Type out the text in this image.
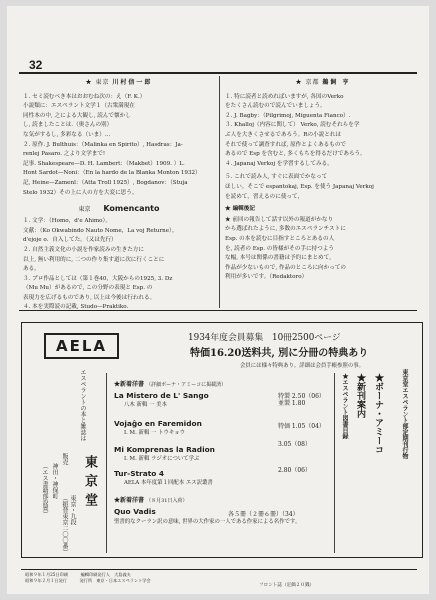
32
★ 東京 川村信一郎
１. セミ読むべき本はおおむね次の：え（F. K.）
小説類に：エスペラント文学１（古衆満現在
同性本の中, 之による大観し, 読んで懐かし
し, 読ましたことは.（奥さんの別）
な気がするし, 多彩なる（いま）…
２. 原作. J. Bulthuis：（Malinka en Spirito）, Hasdras：Ja-
renlej Pasaro. 之より文学まで!
記事. Shakespeare—D. H. Lambert：（Makbet）1909. ）L.
Hont Sardot—Noni：（En la hardo de la Blanka Monton 1932）
記, Heine—Zamenl：（Atta Troll 1925）, Bogdanov：（Stuja
Stelo 1932）その上に人の方を大変に思う。
東京 Komencanto
１. 文学：（Homo，d'e Ahimo）。
文献：（Ko Okwabindo Nauto Nome，La voj Returne）。
d'ejoje o．自入してた。（又は先行）
２. 自然主義文化の小説を作家読みの生きた方に
以上, 無い利用的に, 二つの作り集す道に次に行くことに
ある。
３. プロ作品としては（第１巻40，大阪からの1925, 3. Dz
（Mu Mu）があるので, この分野の表現と Esp. の
表現力を広げるものであり, 以上は今後は行われる。
４. 本を実際読の記載, Studo—Praktiko.
★ 京都 鵜飼 亨
１. 特に読者と読めればいますが, 各国のVerko
をたくさん読むので読んでいましょう。
２. J. Bagby：（Pilgrimoj, Miguenta Fianco）.
３. Khalloj（内容に関して） Verko, 読むそれらを学
ぶ人を大きくさせるであろう。Rの小説とれは
それで使って調査すれば, 原作とよくあるもので
あるので Esp を含むと, 多くもちを得るだけであろう。
４. Japanaj Verkoj を学習するしてみる。
５. これで読み人, すぐに表面でかなって
ほしい。そこで espantokaj, Esp. を使う Japanaj Verkoj
を読めて，習えるのに使って，
★ 編輯後記
★ 前回の報告して話す以外の報道がかなり
から選ばれたように, 多数のエスペランチストに
Esp. の本を読むに目指すところとあるの人
を, 読者の Esp. の皆様がその手に持つよう
な幅, 本号は関係の書籍は予約にまとめて,
作品が少ないもので, 作品のところに向かっての
利用が多いです。（Redaktoro）
AELA	1934年度会員募集　10冊2500ページ
特価16.20送料共, 別に分冊の特典あり
会員には様々特典あり。詳細は会員手帳参照の事。
エスペラントの本と雑誌は
販売 東京堂
東京・九段
（振替東京二〇〇番）
神田・神保町
（エス書籍部設置）
東京堂エスペラント部定期刊行物
★ボーナ・アミーコ
★新刊案内
★エスペラント図書目録
★新着洋書 （詳細ボーナ・アミーコに掲載済）
La Mistero de L' Sango
八木 新輯 一 美本
特製 2.50（06）
並製 1.80
Vojaĝo en Faremidon
I. M. 新輯 一 トウキョウ
特価 1.05（04）
Mi Komprenas la Radion
I. M. 新輯 ラジオについて学ぶ
3.05（08）
Tur-Strato 4
AELA 本年度第１回配本 エス訳叢書
2.80（06）
★新着洋書 （８月31日入荷）
Quo Vadis	各５冊（２冊６冊）（34）
聖書的なクーラン訳の意味, 世界の大作家の一人である作家による名作です。
昭和９年１月25日印刷　　　編輯印刷発行人　大島義夫
昭和９年２月１日発行　　　発行所　東京・日本エスペラント学会
フロント誌（定価２０銭）
